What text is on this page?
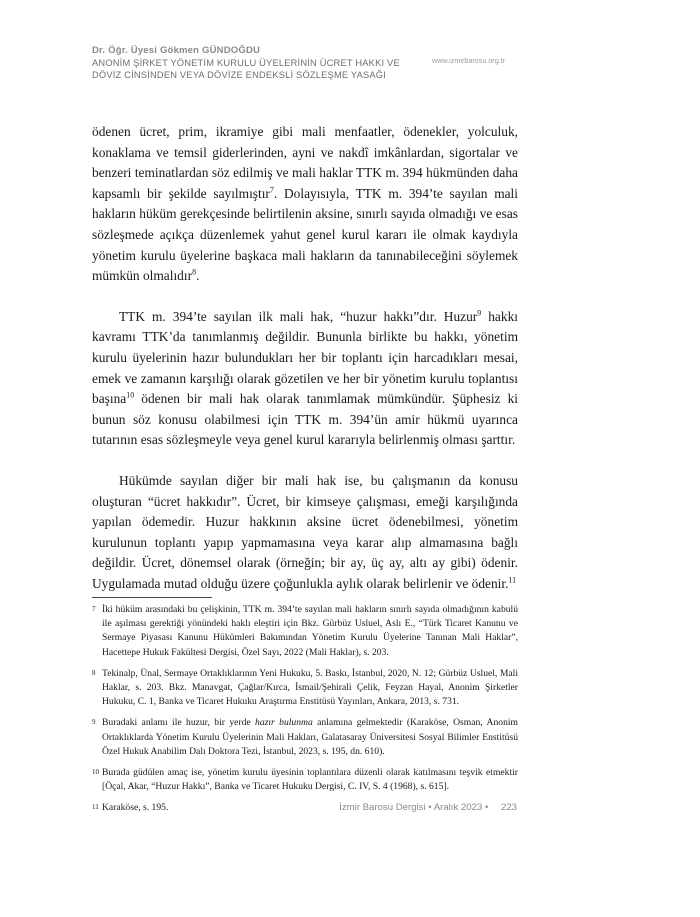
Dr. Öğr. Üyesi Gökmen GÜNDOĞDU
ANONİM ŞİRKET YÖNETİM KURULU ÜYELERİNİN ÜCRET HAKKI VE
DÖVİZ CİNSİNDEN VEYA DÖVİZE ENDEKSLİ SÖZLEŞME YASAĞI
www.izmirbarosu.org.tr

ödenen ücret, prim, ikramiye gibi mali menfaatler, ödenekler, yolculuk, konaklama ve temsil giderlerinden, ayni ve nakdî imkânlardan, sigortalar ve benzeri teminatlardan söz edilmiş ve mali haklar TTK m. 394 hükmünden daha kapsamlı bir şekilde sayılmıştır$^7$. Dolayısıyla, TTK m. 394’te sayılan mali hakların hüküm gerekçesinde belirtilenin aksine, sınırlı sayıda olmadığı ve esas sözleşmede açıkça düzenlemek yahut genel kurul kararı ile olmak kaydıyla yönetim kurulu üyelerine başkaca mali hakların da tanınabileceğini söylemek mümkün olmalıdır$^8$.

TTK m. 394’te sayılan ilk mali hak, “huzur hakkı”dır. Huzur$^9$ hakkı kavramı TTK’da tanımlanmış değildir. Bununla birlikte bu hakkı, yönetim kurulu üyelerinin hazır bulundukları her bir toplantı için harcadıkları mesai, emek ve zamanın karşılığı olarak gözetilen ve her bir yönetim kurulu toplantısı başına$^{10}$ ödenen bir mali hak olarak tanımlamak mümkündür. Şüphesiz ki bunun söz konusu olabilmesi için TTK m. 394’ün amir hükmü uyarınca tutarının esas sözleşmeyle veya genel kurul kararıyla belirlenmiş olması şarttır.

Hükümde sayılan diğer bir mali hak ise, bu çalışmanın da konusu oluşturan “ücret hakkıdır”. Ücret, bir kimseye çalışması, emeği karşılığında yapılan ödemedir. Huzur hakkının aksine ücret ödenebilmesi, yönetim kurulunun toplantı yapıp yapmamasına veya karar alıp almamasına bağlı değildir. Ücret, dönemsel olarak (örneğin; bir ay, üç ay, altı ay gibi) ödenir. Uygulamada mutad olduğu üzere çoğunlukla aylık olarak belirlenir ve ödenir.$^{11}$

7 İki hüküm arasındaki bu çelişkinin, TTK m. 394’te sayılan mali hakların sınırlı sayıda olmadığının kabulü ile aşılması gerektiği yönündeki haklı eleştiri için Bkz. Gürbüz Usluel, Aslı E., “Türk Ticaret Kanunu ve Sermaye Piyasası Kanunu Hükümleri Bakımından Yönetim Kurulu Üyelerine Tanınan Mali Haklar”, Hacettepe Hukuk Fakültesi Dergisi, Özel Sayı, 2022 (Mali Haklar), s. 203.
8 Tekinalp, Ünal, Sermaye Ortaklıklarının Yeni Hukuku, 5. Baskı, İstanbul, 2020, N. 12; Gürbüz Usluel, Mali Haklar, s. 203. Bkz. Manavgat, Çağlar/Kırca, İsmail/Şehirali Çelik, Feyzan Hayal, Anonim Şirketler Hukuku, C. 1, Banka ve Ticaret Hukuku Araştırma Enstitüsü Yayınları, Ankara, 2013, s. 731.
9 Buradaki anlamı ile huzur, bir yerde hazır bulunma anlamına gelmektedir (Karaköse, Osman, Anonim Ortaklıklarda Yönetim Kurulu Üyelerinin Mali Hakları, Galatasaray Üniversitesi Sosyal Bilimler Enstitüsü Özel Hukuk Anabilim Dalı Doktora Tezi, İstanbul, 2023, s. 195, dn. 610).
10 Burada güdülen amaç ise, yönetim kurulu üyesinin toplantılara düzenli olarak katılmasını teşvik etmektir [Öçal, Akar, “Huzur Hakkı”, Banka ve Ticaret Hukuku Dergisi, C. IV, S. 4 (1968), s. 615].
11 Karaköse, s. 195.	İzmir Barosu Dergisi • Aralık 2023 • 223
